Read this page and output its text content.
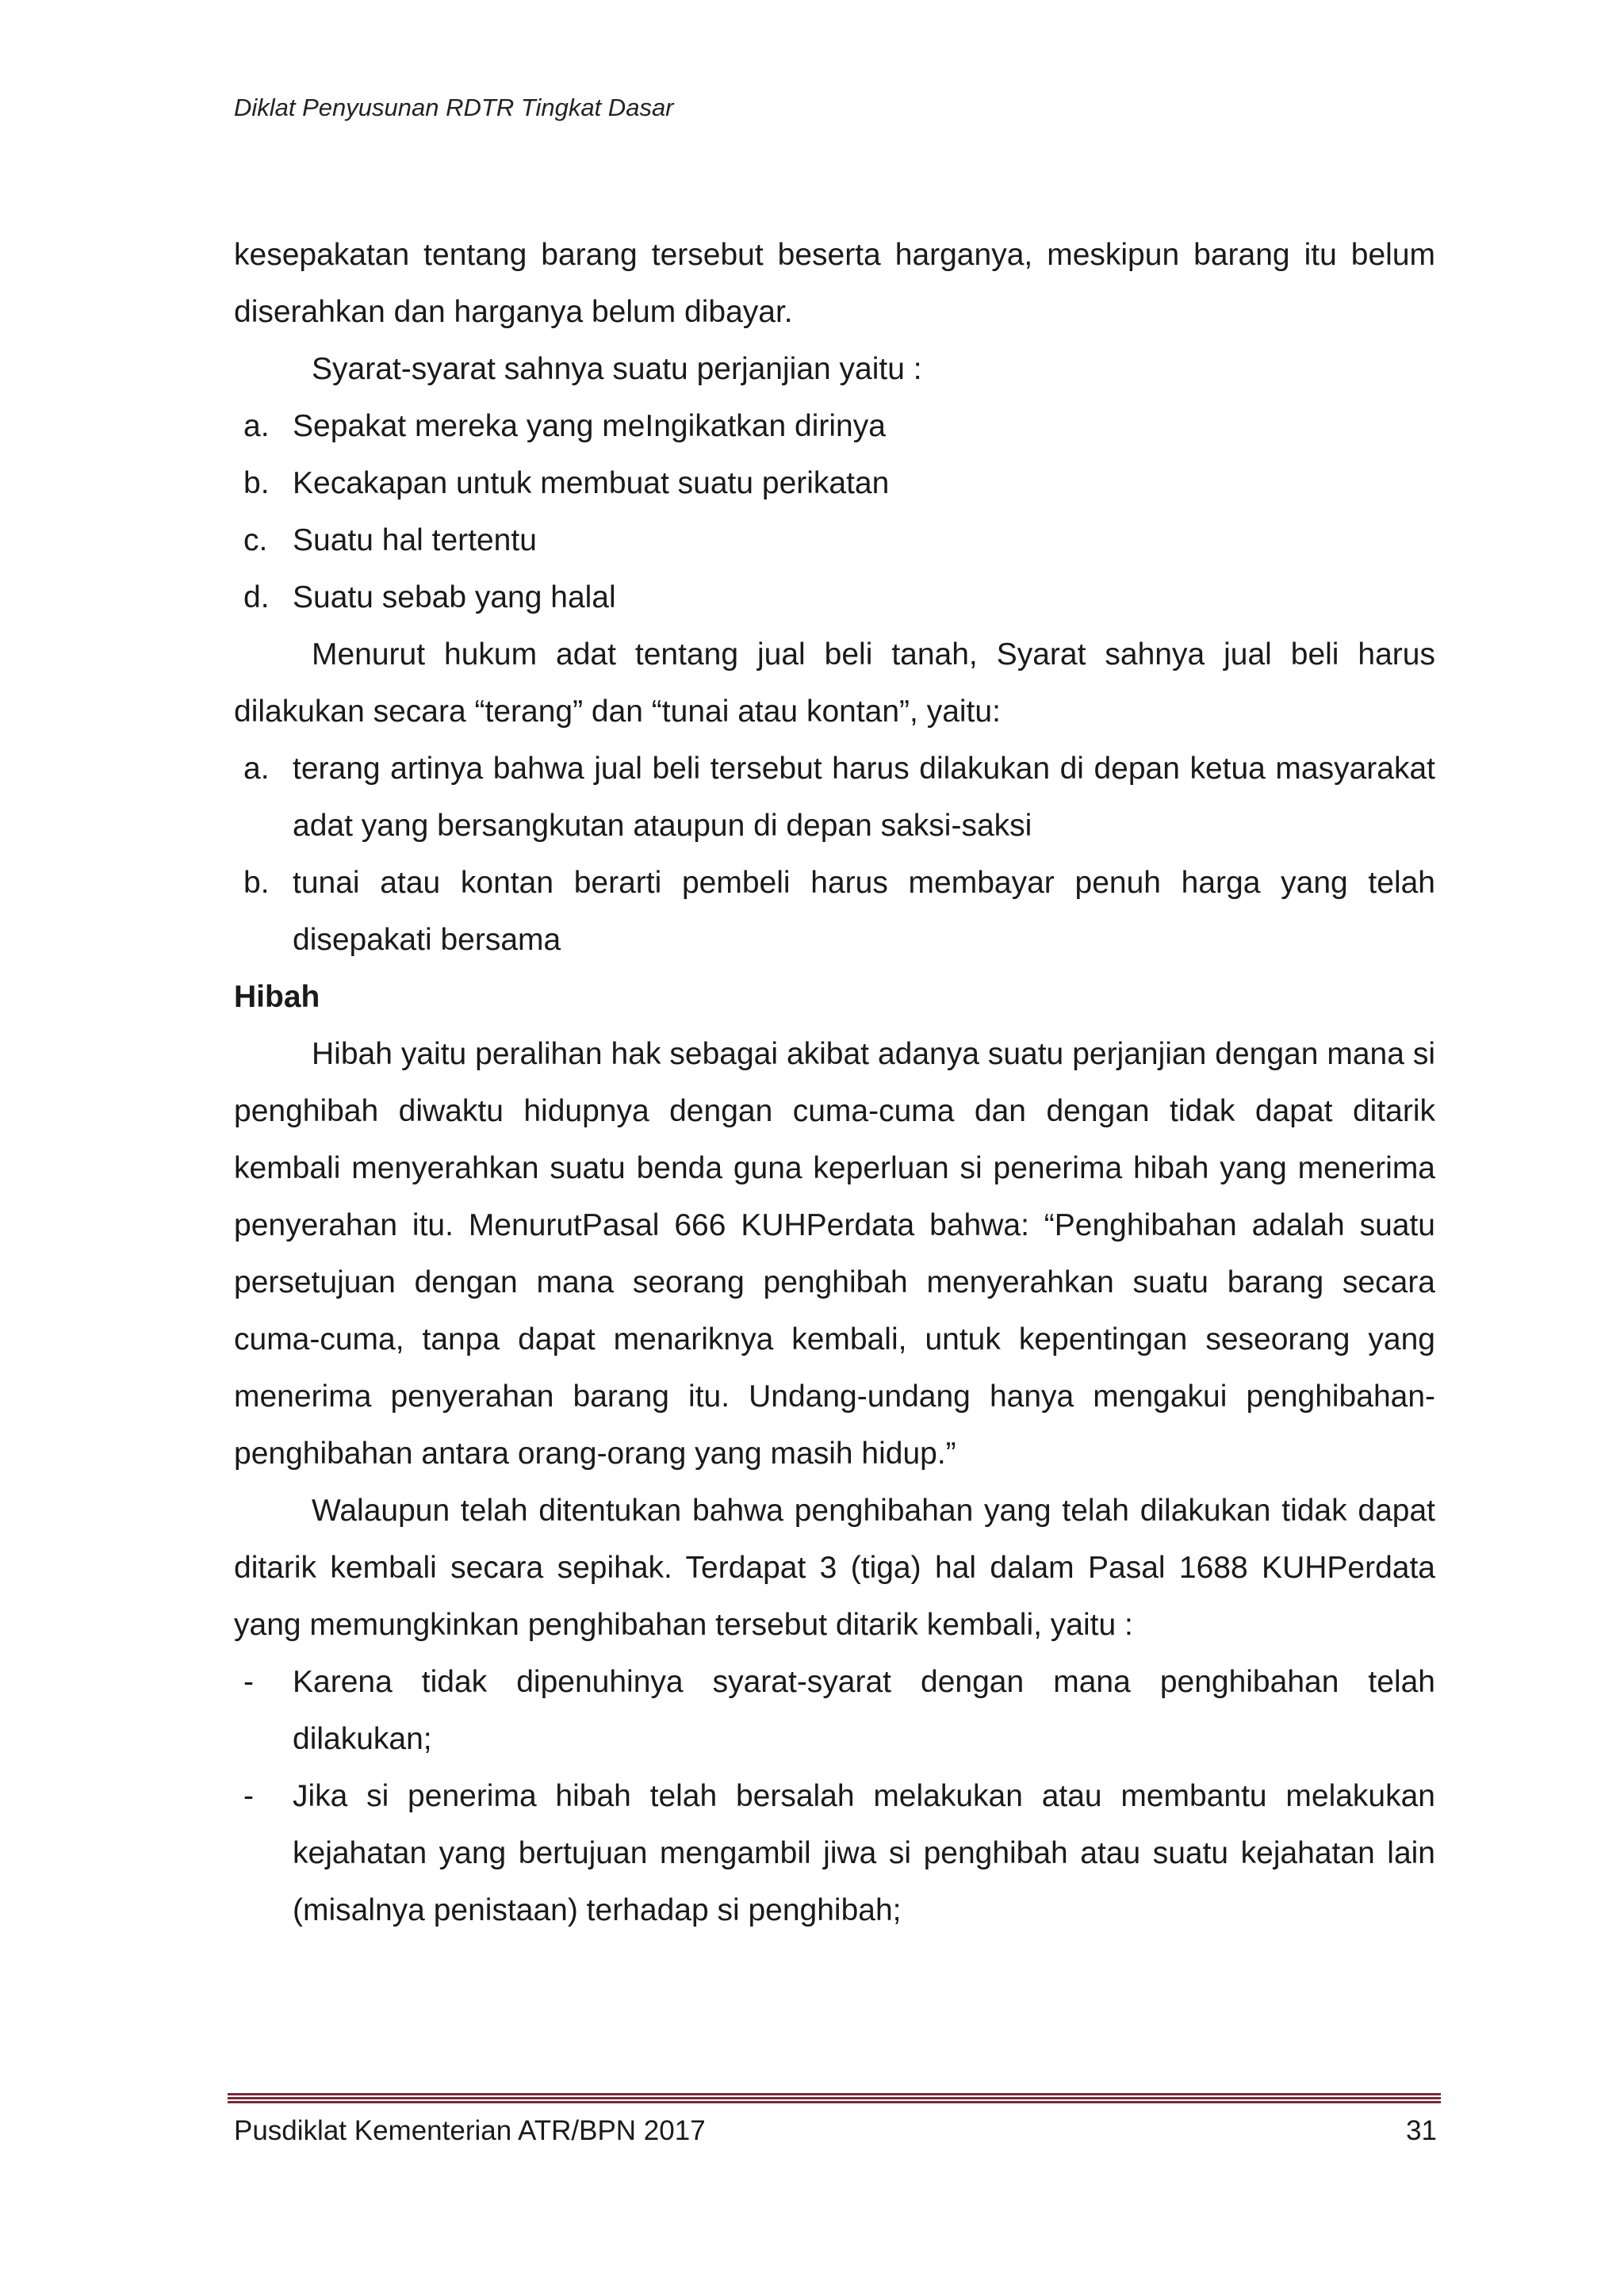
Diklat Penyusunan RDTR Tingkat Dasar

kesepakatan tentang barang tersebut beserta harganya, meskipun barang itu belum diserahkan dan harganya belum dibayar.

Syarat-syarat sahnya suatu perjanjian yaitu :

a. Sepakat mereka yang meIngikatkan dirinya
b. Kecakapan untuk membuat suatu perikatan
c. Suatu hal tertentu
d. Suatu sebab yang halal

Menurut hukum adat tentang jual beli tanah, Syarat sahnya jual beli harus dilakukan secara “terang” dan “tunai atau kontan”, yaitu:

a. terang artinya bahwa jual beli tersebut harus dilakukan di depan ketua masyarakat adat yang bersangkutan ataupun di depan saksi-saksi
b. tunai atau kontan berarti pembeli harus membayar penuh harga yang telah disepakati bersama

Hibah

Hibah yaitu peralihan hak sebagai akibat adanya suatu perjanjian dengan mana si penghibah diwaktu hidupnya dengan cuma-cuma dan dengan tidak dapat ditarik kembali menyerahkan suatu benda guna keperluan si penerima hibah yang menerima penyerahan itu. MenurutPasal 666 KUHPerdata bahwa: “Penghibahan adalah suatu persetujuan dengan mana seorang penghibah menyerahkan suatu barang secara cuma-cuma, tanpa dapat menariknya kembali, untuk kepentingan seseorang yang menerima penyerahan barang itu. Undang-undang hanya mengakui penghibahan-penghibahan antara orang-orang yang masih hidup.”

Walaupun telah ditentukan bahwa penghibahan yang telah dilakukan tidak dapat ditarik kembali secara sepihak. Terdapat 3 (tiga) hal dalam Pasal 1688 KUHPerdata yang memungkinkan penghibahan tersebut ditarik kembali, yaitu :

-	Karena tidak dipenuhinya syarat-syarat dengan mana penghibahan telah dilakukan;
-	Jika si penerima hibah telah bersalah melakukan atau membantu melakukan kejahatan yang bertujuan mengambil jiwa si penghibah atau suatu kejahatan lain (misalnya penistaan) terhadap si penghibah;
Pusdiklat Kementerian ATR/BPN 2017	31
